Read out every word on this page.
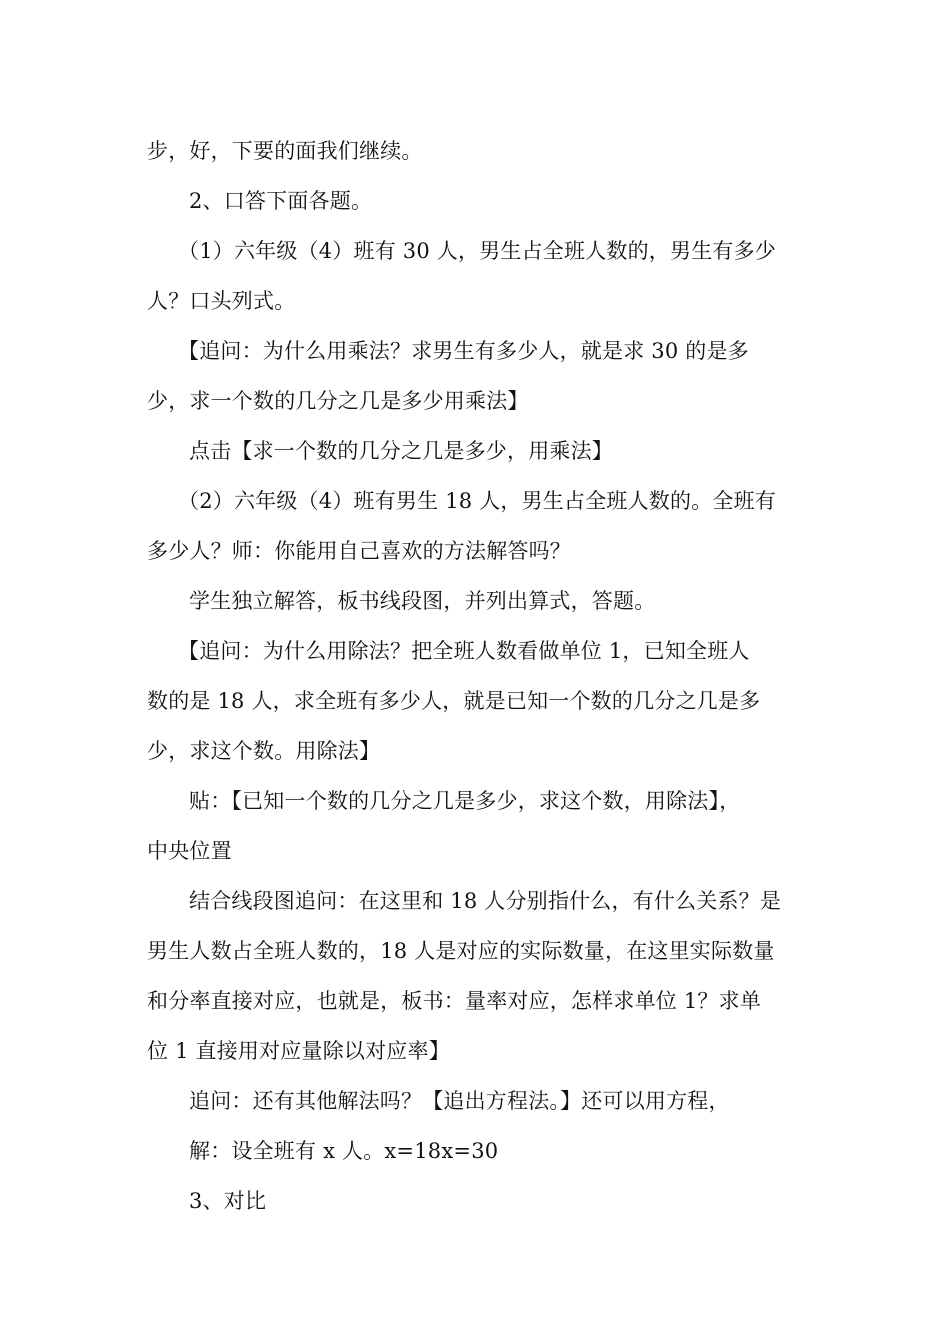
步，好，下要的面我们继续。
2、口答下面各题。
（1）六年级（4）班有 30 人，男生占全班人数的，男生有多少
人？口头列式。
【追问：为什么用乘法？求男生有多少人，就是求 30 的是多
少，求一个数的几分之几是多少用乘法】
点击【求一个数的几分之几是多少，用乘法】
（2）六年级（4）班有男生 18 人，男生占全班人数的。全班有
多少人？师：你能用自己喜欢的方法解答吗？
学生独立解答，板书线段图，并列出算式，答题。
【追问：为什么用除法？把全班人数看做单位 1，已知全班人
数的是 18 人，求全班有多少人，就是已知一个数的几分之几是多
少，求这个数。用除法】
贴：【已知一个数的几分之几是多少，求这个数，用除法】，
中央位置
结合线段图追问：在这里和 18 人分别指什么，有什么关系？是
男生人数占全班人数的，18 人是对应的实际数量，在这里实际数量
和分率直接对应，也就是，板书：量率对应，怎样求单位 1？求单
位 1 直接用对应量除以对应率】
追问：还有其他解法吗？【追出方程法。】还可以用方程，
解：设全班有 x 人。x=18x=30
3、对比
